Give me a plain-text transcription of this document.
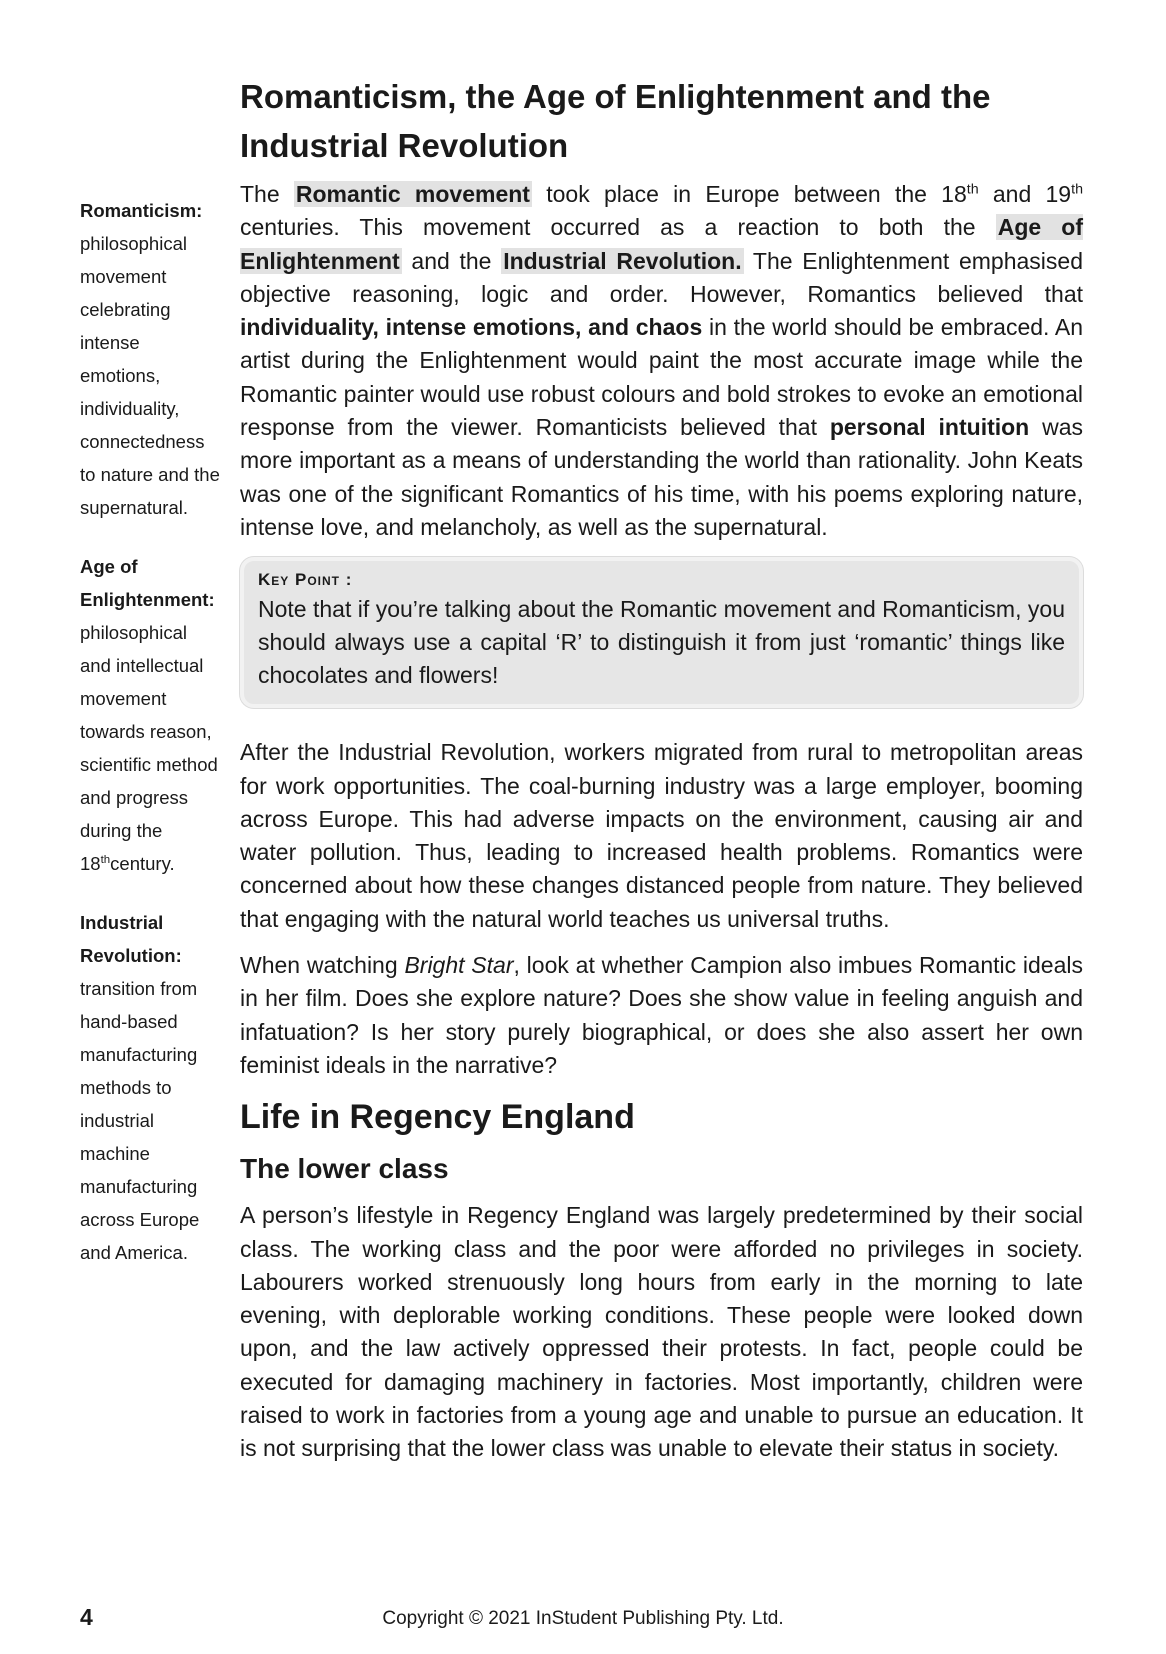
Romanticism:
philosophical movement celebrating intense emotions, individuality, connectedness to nature and the supernatural.
Age of Enlightenment:
philosophical and intellectual movement towards reason, scientific method and progress during the 18thcentury.
Industrial Revolution:
transition from hand-based manufacturing methods to industrial machine manufacturing across Europe and America.
Romanticism, the Age of Enlightenment and the Industrial Revolution

The Romantic movement took place in Europe between the 18th and 19th centuries. This movement occurred as a reaction to both the Age of Enlightenment and the Industrial Revolution. The Enlightenment emphasised objective reasoning, logic and order. However, Romantics believed that individuality, intense emotions, and chaos in the world should be embraced. An artist during the Enlightenment would paint the most accurate image while the Romantic painter would use robust colours and bold strokes to evoke an emotional response from the viewer. Romanticists believed that personal intuition was more important as a means of understanding the world than rationality. John Keats was one of the significant Romantics of his time, with his poems exploring nature, intense love, and melancholy, as well as the supernatural.

Key Point :

Note that if you’re talking about the Romantic movement and Romanticism, you should always use a capital ‘R’ to distinguish it from just ‘romantic’ things like chocolates and flowers!

After the Industrial Revolution, workers migrated from rural to metropolitan areas for work opportunities. The coal-burning industry was a large employer, booming across Europe. This had adverse impacts on the environment, causing air and water pollution. Thus, leading to increased health problems. Romantics were concerned about how these changes distanced people from nature. They believed that engaging with the natural world teaches us universal truths.

When watching Bright Star, look at whether Campion also imbues Romantic ideals in her film. Does she explore nature? Does she show value in feeling anguish and infatuation? Is her story purely biographical, or does she also assert her own feminist ideals in the narrative?

Life in Regency England
The lower class

A person’s lifestyle in Regency England was largely predetermined by their social class. The working class and the poor were afforded no privileges in society. Labourers worked strenuously long hours from early in the morning to late evening, with deplorable working conditions. These people were looked down upon, and the law actively oppressed their protests. In fact, people could be executed for damaging machinery in factories. Most importantly, children were raised to work in factories from a young age and unable to pursue an education. It is not surprising that the lower class was unable to elevate their status in society.

4	Copyright © 2021 InStudent Publishing Pty. Ltd.
